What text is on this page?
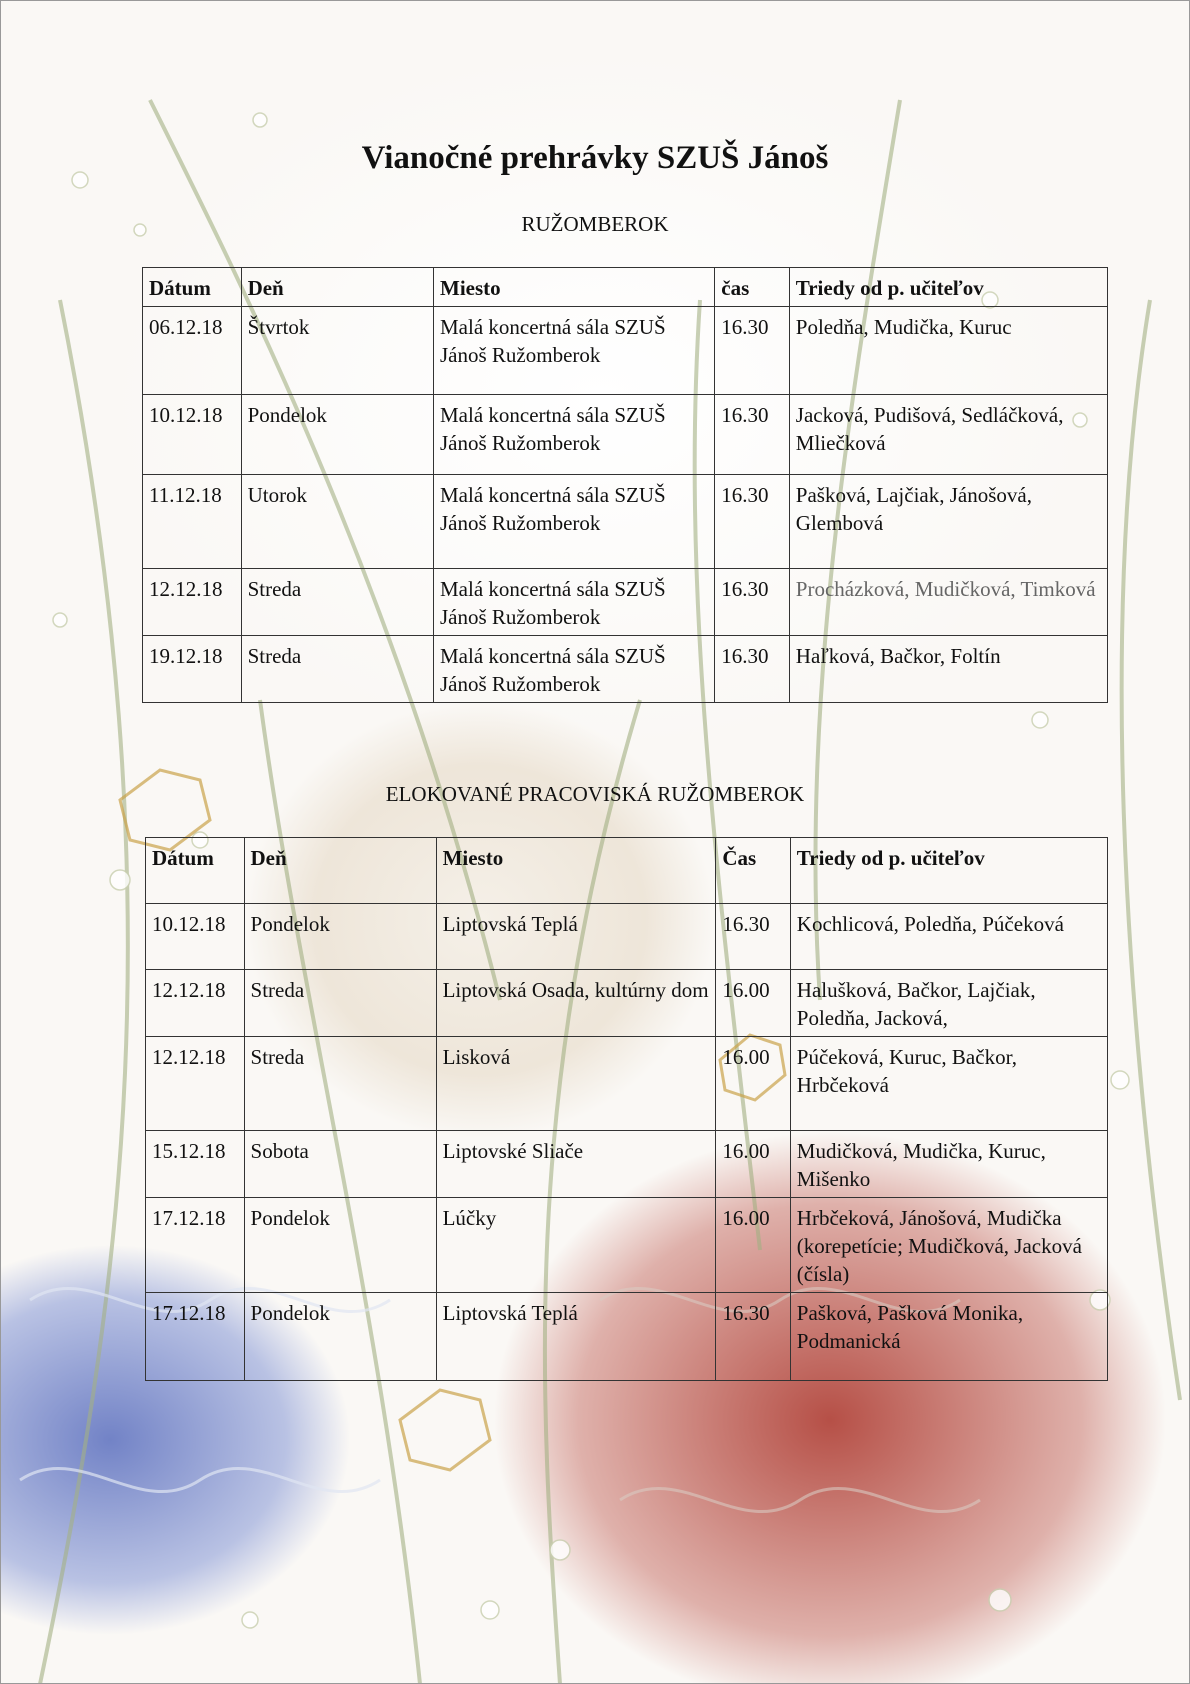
Vianočné prehrávky SZUŠ Jánoš

RUŽOMBEROK

Dátum	Deň	Miesto	čas	Triedy od p. učiteľov
06.12.18	Štvrtok	Malá koncertná sála SZUŠ Jánoš Ružomberok	16.30	Poledňa, Mudička, Kuruc
10.12.18	Pondelok	Malá koncertná sála SZUŠ Jánoš Ružomberok	16.30	Jacková, Pudišová, Sedláčková, Mliečková
11.12.18	Utorok	Malá koncertná sála SZUŠ Jánoš Ružomberok	16.30	Pašková, Lajčiak, Jánošová, Glembová
12.12.18	Streda	Malá koncertná sála SZUŠ Jánoš Ružomberok	16.30	Procházková, Mudičková, Timková
19.12.18	Streda	Malá koncertná sála SZUŠ Jánoš Ružomberok	16.30	Haľková, Bačkor, Foltín

ELOKOVANÉ PRACOVISKÁ RUŽOMBEROK

Dátum	Deň	Miesto	Čas	Triedy od p. učiteľov
10.12.18	Pondelok	Liptovská Teplá	16.30	Kochlicová, Poledňa, Púčeková
12.12.18	Streda	Liptovská Osada, kultúrny dom	16.00	Halušková, Bačkor, Lajčiak, Poledňa, Jacková,
12.12.18	Streda	Lisková	16.00	Púčeková, Kuruc, Bačkor, Hrbčeková
15.12.18	Sobota	Liptovské Sliače	16.00	Mudičková, Mudička, Kuruc, Mišenko
17.12.18	Pondelok	Lúčky	16.00	Hrbčeková, Jánošová, Mudička (korepetície; Mudičková, Jacková (čísla)
17.12.18	Pondelok	Liptovská Teplá	16.30	Pašková, Pašková Monika, Podmanická
